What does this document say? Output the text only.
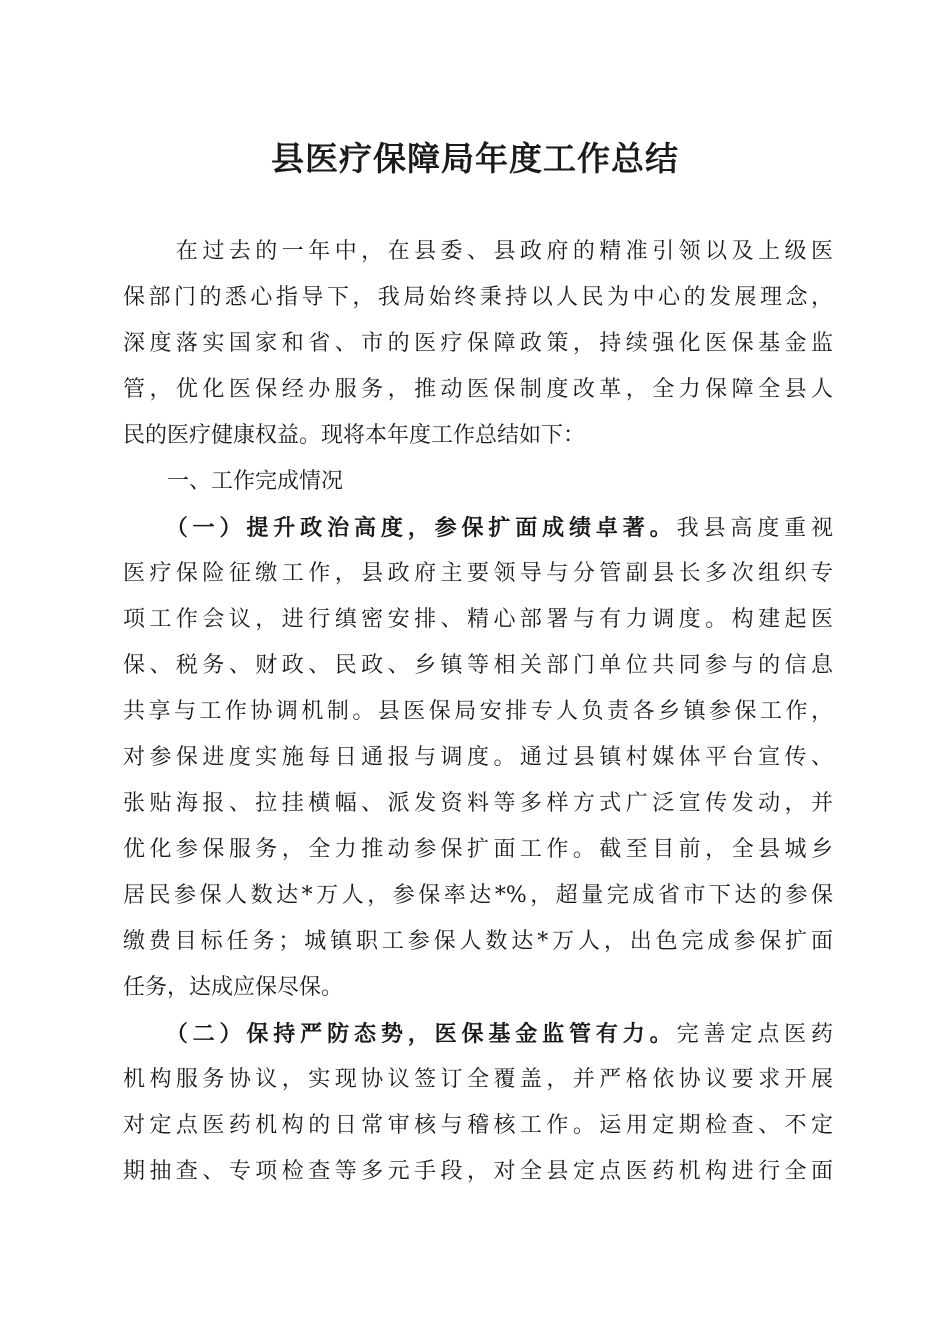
县医疗保障局年度工作总结
　　在过去的一年中，在县委、县政府的精准引领以及上级医
保部门的悉心指导下，我局始终秉持以人民为中心的发展理念，
深度落实国家和省、市的医疗保障政策，持续强化医保基金监
管，优化医保经办服务，推动医保制度改革，全力保障全县人
民的医疗健康权益。现将本年度工作总结如下：
　　一、工作完成情况
　　（一）提升政治高度，参保扩面成绩卓著。我县高度重视
医疗保险征缴工作，县政府主要领导与分管副县长多次组织专
项工作会议，进行缜密安排、精心部署与有力调度。构建起医
保、税务、财政、民政、乡镇等相关部门单位共同参与的信息
共享与工作协调机制。县医保局安排专人负责各乡镇参保工作，
对参保进度实施每日通报与调度。通过县镇村媒体平台宣传、
张贴海报、拉挂横幅、派发资料等多样方式广泛宣传发动，并
优化参保服务，全力推动参保扩面工作。截至目前，全县城乡
居民参保人数达*万人，参保率达*%，超量完成省市下达的参保
缴费目标任务；城镇职工参保人数达*万人，出色完成参保扩面
任务，达成应保尽保。
　　（二）保持严防态势，医保基金监管有力。完善定点医药
机构服务协议，实现协议签订全覆盖，并严格依协议要求开展
对定点医药机构的日常审核与稽核工作。运用定期检查、不定
期抽查、专项检查等多元手段，对全县定点医药机构进行全面
